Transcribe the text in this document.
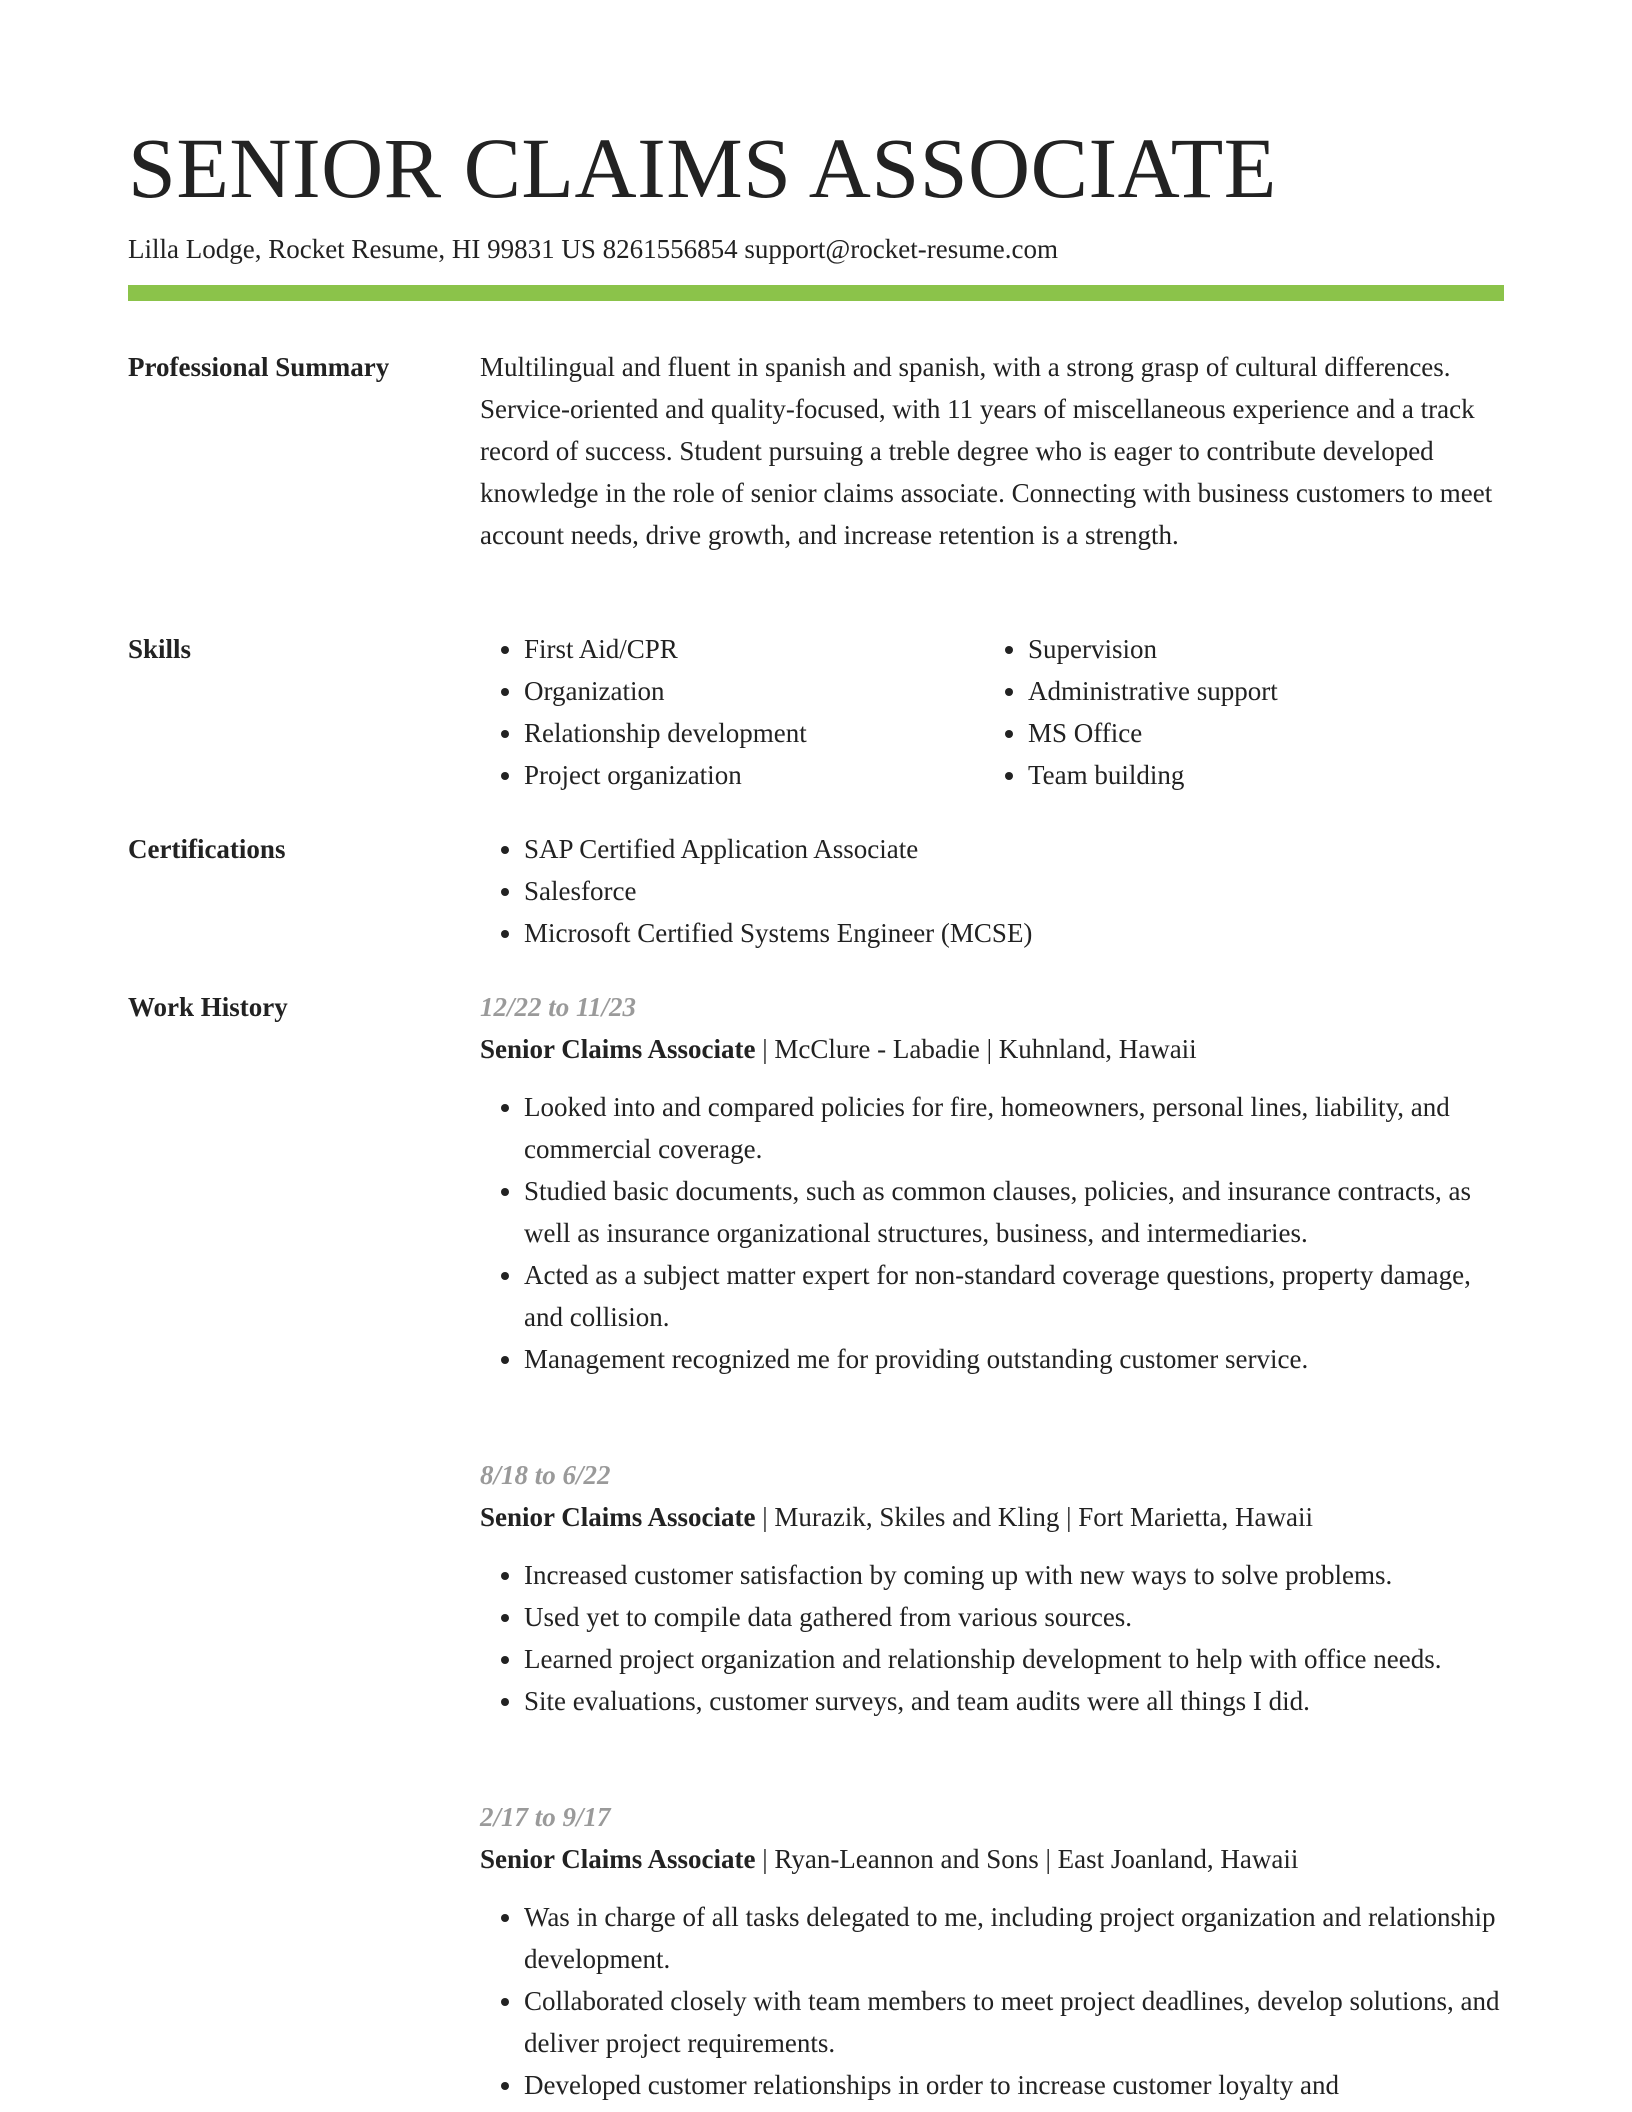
SENIOR CLAIMS ASSOCIATE
Lilla Lodge, Rocket Resume, HI 99831 US 8261556854 support@rocket-resume.com
Professional Summary	Multilingual and fluent in spanish and spanish, with a strong grasp of cultural differences. Service-oriented and quality-focused, with 11 years of miscellaneous experience and a track record of success. Student pursuing a treble degree who is eager to contribute developed knowledge in the role of senior claims associate. Connecting with business customers to meet account needs, drive growth, and increase retention is a strength.

Skills	• First Aid/CPR
• Organization
• Relationship development
• Project organization
• Supervision
• Administrative support
• MS Office
• Team building
Certifications	• SAP Certified Application Associate
• Salesforce
• Microsoft Certified Systems Engineer (MCSE)
Work History	12/22 to 11/23
Senior Claims Associate | McClure - Labadie | Kuhnland, Hawaii
• Looked into and compared policies for fire, homeowners, personal lines, liability, and commercial coverage.
• Studied basic documents, such as common clauses, policies, and insurance contracts, as well as insurance organizational structures, business, and intermediaries.
• Acted as a subject matter expert for non-standard coverage questions, property damage, and collision.
• Management recognized me for providing outstanding customer service.
8/18 to 6/22
Senior Claims Associate | Murazik, Skiles and Kling | Fort Marietta, Hawaii
• Increased customer satisfaction by coming up with new ways to solve problems.
• Used yet to compile data gathered from various sources.
• Learned project organization and relationship development to help with office needs.
• Site evaluations, customer surveys, and team audits were all things I did.
2/17 to 9/17
Senior Claims Associate | Ryan-Leannon and Sons | East Joanland, Hawaii
• Was in charge of all tasks delegated to me, including project organization and relationship development.
• Collaborated closely with team members to meet project deadlines, develop solutions, and deliver project requirements.
• Developed customer relationships in order to increase customer loyalty and
